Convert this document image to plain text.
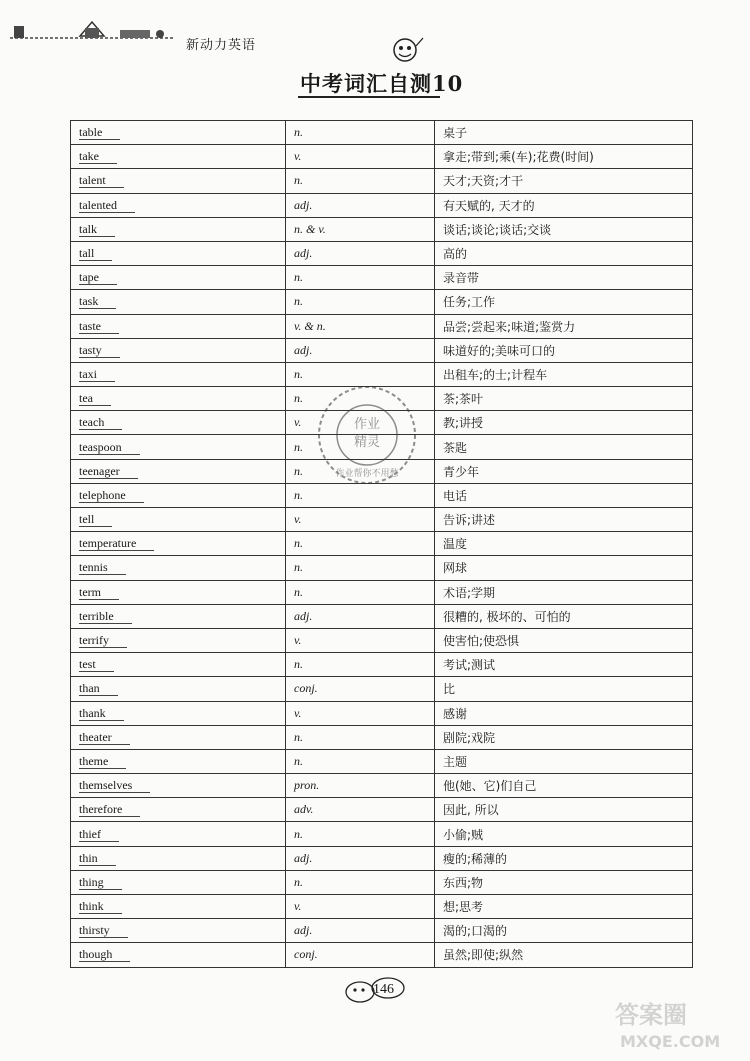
新动力英语
中考词汇自测10
table	n.	桌子
take	v.	拿走;带到;乘(车);花费(时间)
talent	n.	天才;天资;才干
talented	adj.	有天赋的, 天才的
talk	n. & v.	谈话;谈论;谈话;交谈
tall	adj.	高的
tape	n.	录音带
task	n.	任务;工作
taste	v. & n.	品尝;尝起来;味道;鉴赏力
tasty	adj.	味道好的;美味可口的
taxi	n.	出租车;的士;计程车
tea	n.	茶;茶叶
teach	v.	教;讲授
teaspoon	n.	茶匙
teenager	n.	青少年
telephone	n.	电话
tell	v.	告诉;讲述
temperature	n.	温度
tennis	n.	网球
term	n.	术语;学期
terrible	adj.	很糟的, 极坏的、可怕的
terrify	v.	使害怕;使恐惧
test	n.	考试;测试
than	conj.	比
thank	v.	感谢
theater	n.	剧院;戏院
theme	n.	主题
themselves	pron.	他(她、它)们自己
therefore	adv.	因此, 所以
thief	n.	小偷;贼
thin	adj.	瘦的;稀薄的
thing	n.	东西;物
think	v.	想;思考
thirsty	adj.	渴的;口渴的
though	conj.	虽然;即使;纵然
作业
精灵
作业帮你不用愁
146
答案圈
MXQE.COM
